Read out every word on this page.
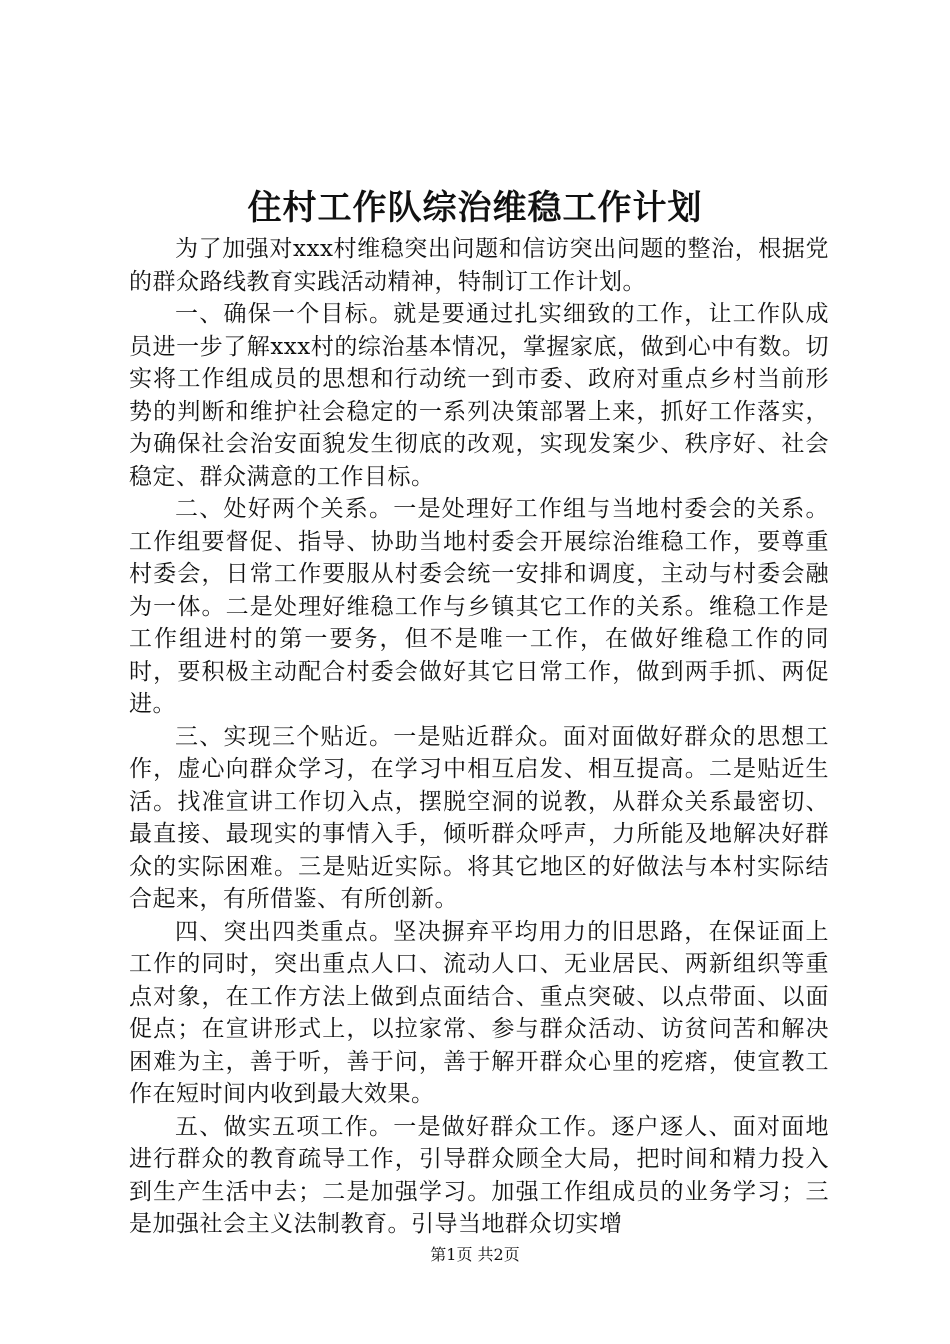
住村工作队综治维稳工作计划

为了加强对xxx村维稳突出问题和信访突出问题的整治，根据党的群众路线教育实践活动精神，特制订工作计划。

一、确保一个目标。就是要通过扎实细致的工作，让工作队成员进一步了解xxx村的综治基本情况，掌握家底，做到心中有数。切实将工作组成员的思想和行动统一到市委、政府对重点乡村当前形势的判断和维护社会稳定的一系列决策部署上来，抓好工作落实，为确保社会治安面貌发生彻底的改观，实现发案少、秩序好、社会稳定、群众满意的工作目标。

二、处好两个关系。一是处理好工作组与当地村委会的关系。工作组要督促、指导、协助当地村委会开展综治维稳工作，要尊重村委会，日常工作要服从村委会统一安排和调度，主动与村委会融为一体。二是处理好维稳工作与乡镇其它工作的关系。维稳工作是工作组进村的第一要务，但不是唯一工作，在做好维稳工作的同时，要积极主动配合村委会做好其它日常工作，做到两手抓、两促进。

三、实现三个贴近。一是贴近群众。面对面做好群众的思想工作，虚心向群众学习，在学习中相互启发、相互提高。二是贴近生活。找准宣讲工作切入点，摆脱空洞的说教，从群众关系最密切、最直接、最现实的事情入手，倾听群众呼声，力所能及地解决好群众的实际困难。三是贴近实际。将其它地区的好做法与本村实际结合起来，有所借鉴、有所创新。

四、突出四类重点。坚决摒弃平均用力的旧思路，在保证面上工作的同时，突出重点人口、流动人口、无业居民、两新组织等重点对象，在工作方法上做到点面结合、重点突破、以点带面、以面促点；在宣讲形式上，以拉家常、参与群众活动、访贫问苦和解决困难为主，善于听，善于问，善于解开群众心里的疙瘩，使宣教工作在短时间内收到最大效果。

五、做实五项工作。一是做好群众工作。逐户逐人、面对面地进行群众的教育疏导工作，引导群众顾全大局，把时间和精力投入到生产生活中去；二是加强学习。加强工作组成员的业务学习；三是加强社会主义法制教育。引导当地群众切实增

第1页 共2页
